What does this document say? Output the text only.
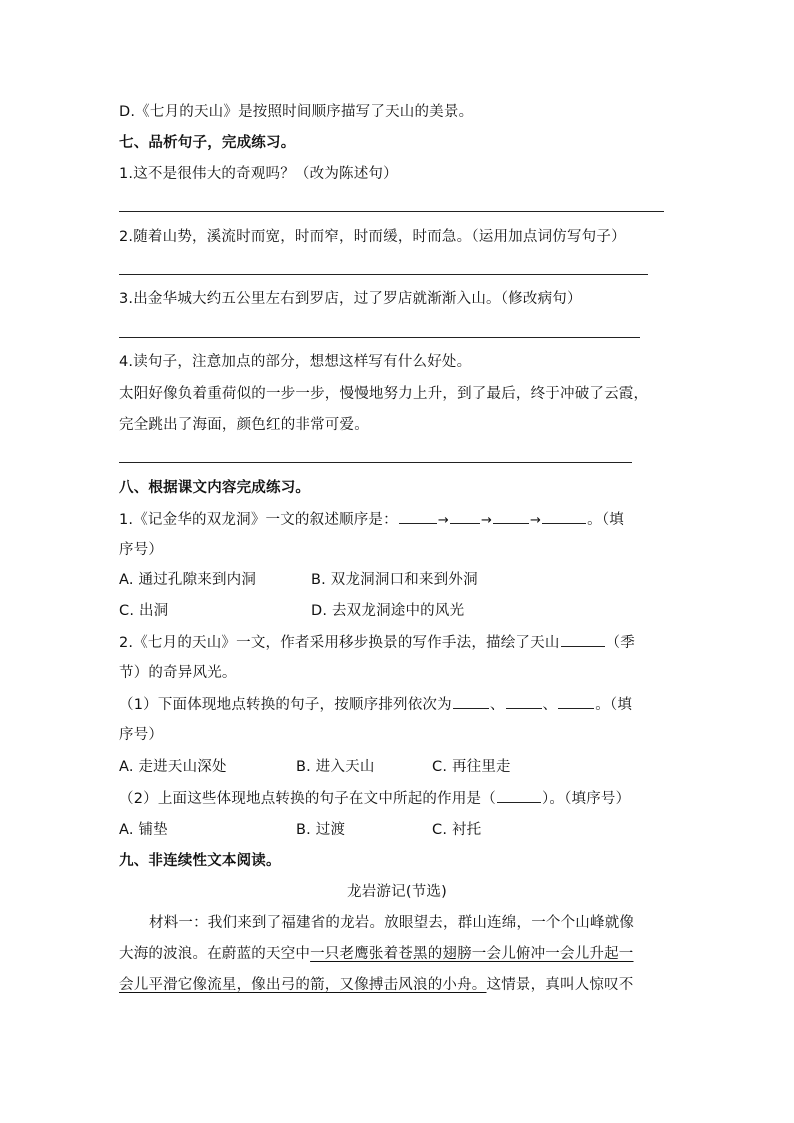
D.《七月的天山》是按照时间顺序描写了天山的美景。
七、品析句子，完成练习。
1.这不是很伟大的奇观吗？（改为陈述句）
2.随着山势，溪流时而宽，时而窄，时而缓，时而急。（运用加点词仿写句子）
3.出金华城大约五公里左右到罗店，过了罗店就渐渐入山。（修改病句）
4.读句子，注意加点的部分，想想这样写有什么好处。
太阳好像负着重荷似的一步一步，慢慢地努力上升，到了最后，终于冲破了云霞，
完全跳出了海面，颜色红的非常可爱。
八、根据课文内容完成练习。
1.《记金华的双龙洞》一文的叙述顺序是：	→ →	→	。（填
序号）
A. 通过孔隙来到内洞	B. 双龙洞洞口和来到外洞
C. 出洞	D. 去双龙洞途中的风光
2.《七月的天山》一文，作者采用移步换景的写作手法，描绘了天山	（季
节）的奇异风光。
（1）下面体现地点转换的句子，按顺序排列依次为	、	、	。（填
序号）
A. 走进天山深处	B. 进入天山	C. 再往里走
（2）上面这些体现地点转换的句子在文中所起的作用是（	）。（填序号）
A. 铺垫	B. 过渡	C. 衬托
九、非连续性文本阅读。
龙岩游记(节选)
材料一：我们来到了福建省的龙岩。放眼望去，群山连绵，一个个山峰就像
大海的波浪。在蔚蓝的天空中一只老鹰张着苍黑的翅膀一会儿俯冲一会儿升起一
会儿平滑它像流星，像出弓的箭，又像搏击风浪的小舟。这情景，真叫人惊叹不
